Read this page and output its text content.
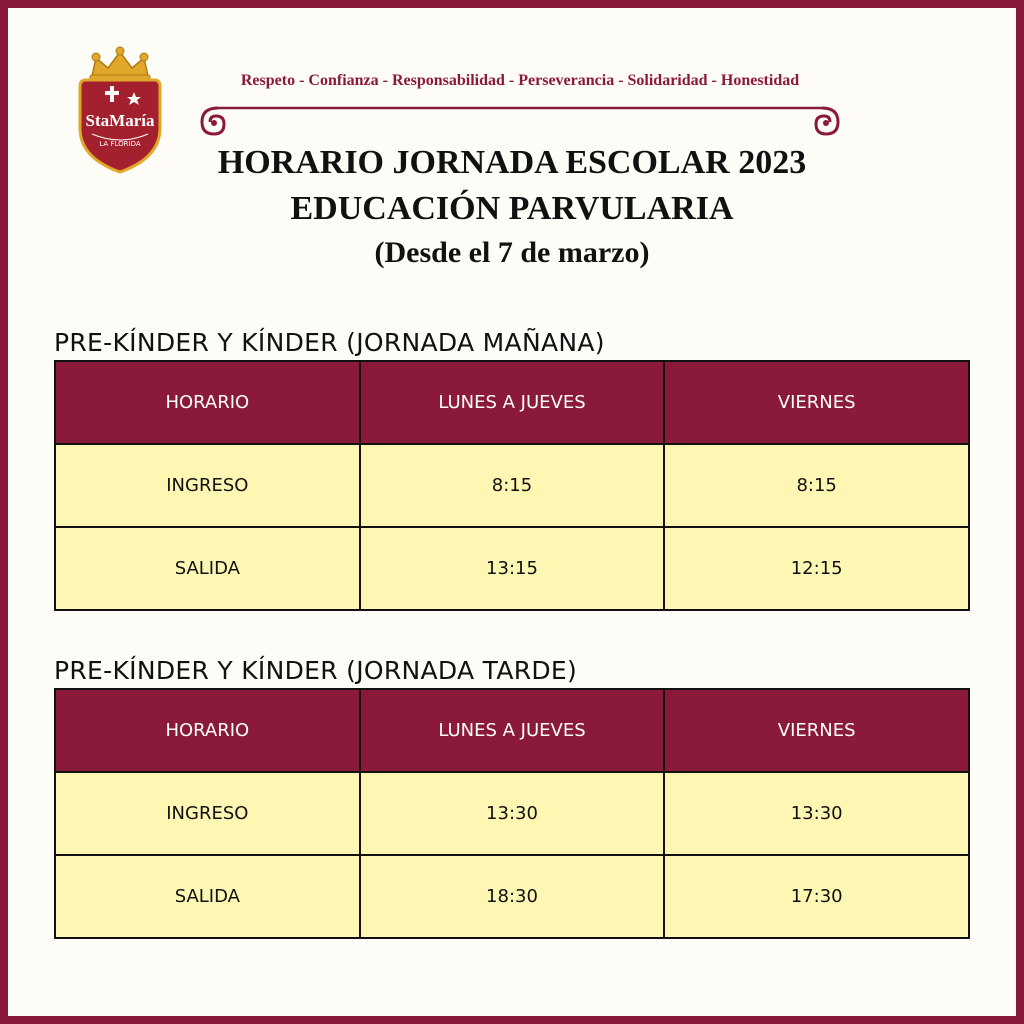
StaMaría
LA FLORIDA
Respeto - Confianza - Responsabilidad - Perseverancia - Solidaridad - Honestidad
HORARIO JORNADA ESCOLAR 2023
EDUCACIÓN PARVULARIA
(Desde el 7 de marzo)
PRE-KÍNDER Y KÍNDER (JORNADA MAÑANA)
HORARIO	LUNES A JUEVES	VIERNES
INGRESO	8:15	8:15
SALIDA	13:15	12:15
PRE-KÍNDER Y KÍNDER (JORNADA TARDE)
HORARIO	LUNES A JUEVES	VIERNES
INGRESO	13:30	13:30
SALIDA	18:30	17:30
